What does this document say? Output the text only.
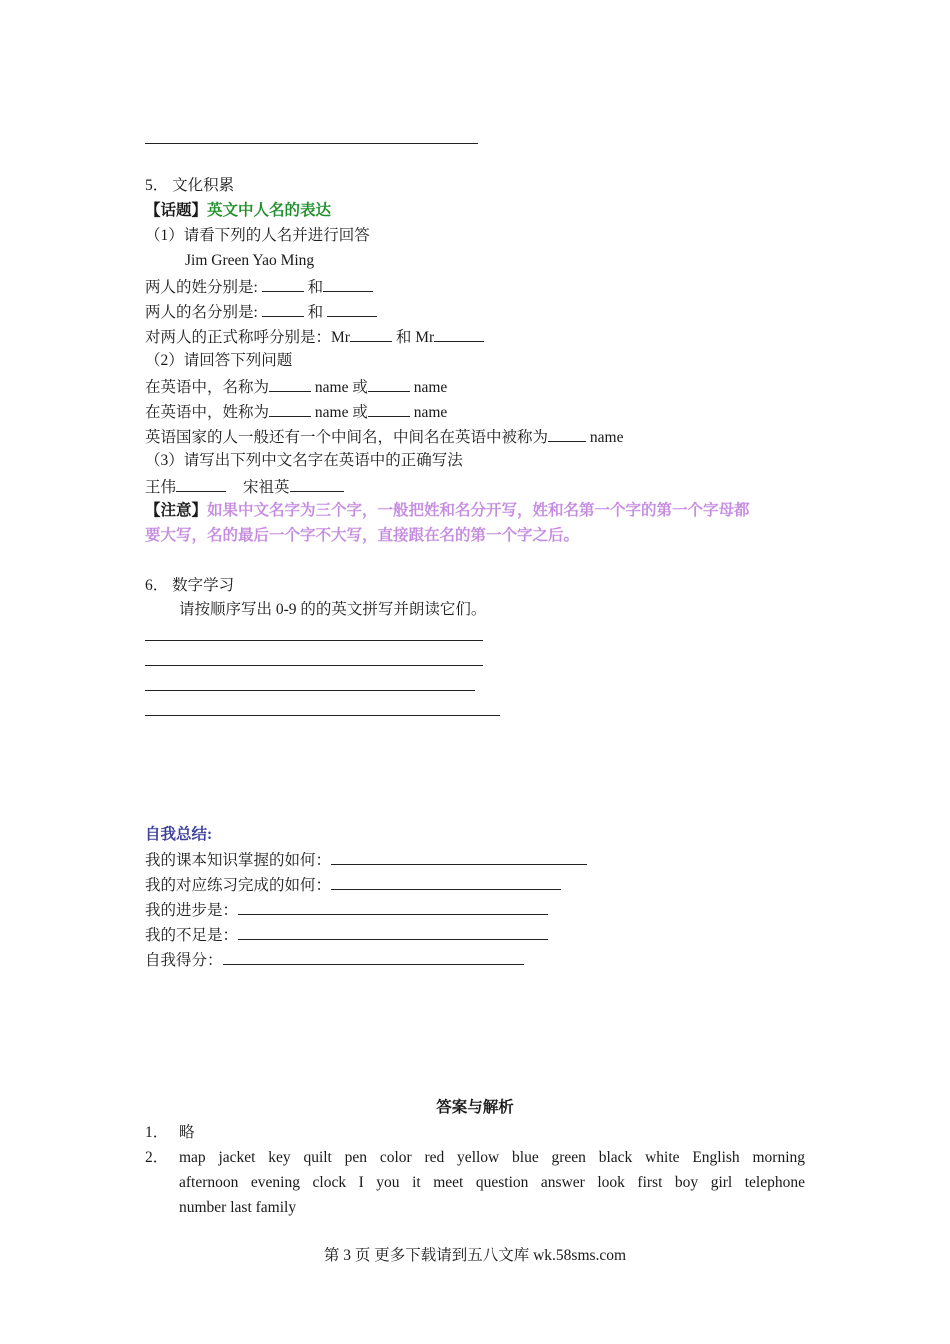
5． 文化积累
【话题】英文中人名的表达
（1）请看下列的人名并进行回答
Jim Green Yao Ming
两人的姓分别是:	和
两人的名分别是:	和
对两人的正式称呼分别是：Mr	和 Mr
（2）请回答下列问题
在英语中，名称为	name 或	name
在英语中，姓称为	name 或	name
英语国家的人一般还有一个中间名，中间名在英语中被称为	name
（3）请写出下列中文名字在英语中的正确写法
王伟	宋祖英
【注意】如果中文名字为三个字，一般把姓和名分开写，姓和名第一个字的第一个字母都
要大写，名的最后一个字不大写，直接跟在名的第一个字之后。
6． 数字学习
请按顺序写出 0-9 的的英文拼写并朗读它们。
自我总结:
我的课本知识掌握的如何：
我的对应练习完成的如何：
我的进步是：
我的不足是：
自我得分：
答案与解析
1． 略
2． map jacket key quilt pen color red yellow blue green black white English morning
afternoon evening clock I you it meet question answer look first boy girl telephone
number last family
第 3 页 更多下载请到五八文库 wk.58sms.com
